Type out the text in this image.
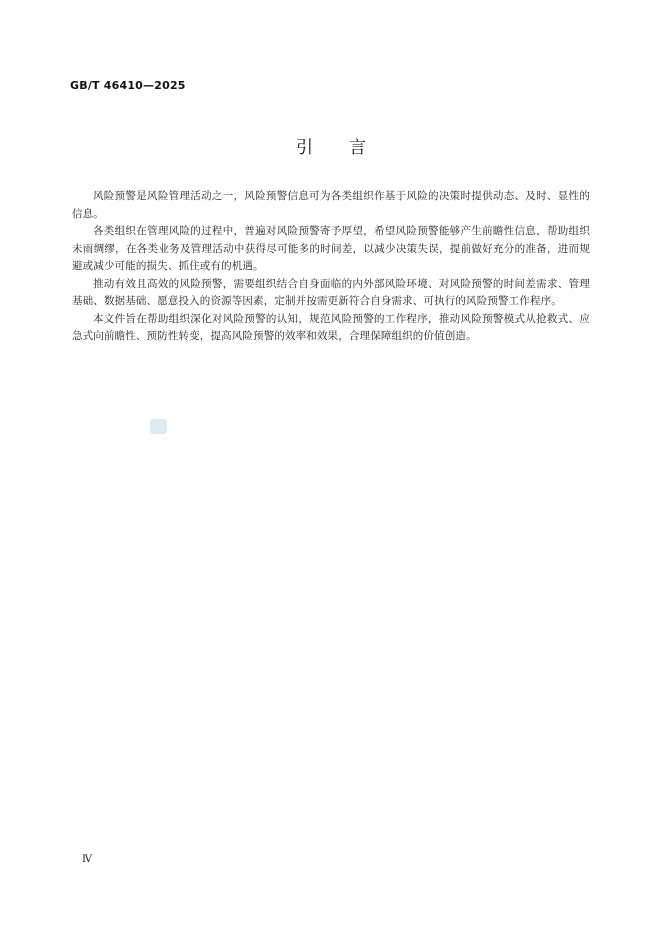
GB/T 46410—2025
引 言

风险预警是风险管理活动之一，风险预警信息可为各类组织作基于风险的决策时提供动态、及时、显性的信息。

各类组织在管理风险的过程中，普遍对风险预警寄予厚望，希望风险预警能够产生前瞻性信息，帮助组织未雨绸缪，在各类业务及管理活动中获得尽可能多的时间差，以减少决策失误，提前做好充分的准备，进而规避或减少可能的损失、抓住或有的机遇。

推动有效且高效的风险预警，需要组织结合自身面临的内外部风险环境、对风险预警的时间差需求、管理基础、数据基础、愿意投入的资源等因素，定制并按需更新符合自身需求、可执行的风险预警工作程序。

本文件旨在帮助组织深化对风险预警的认知，规范风险预警的工作程序，推动风险预警模式从抢救式、应急式向前瞻性、预防性转变，提高风险预警的效率和效果，合理保障组织的价值创造。

Ⅳ
